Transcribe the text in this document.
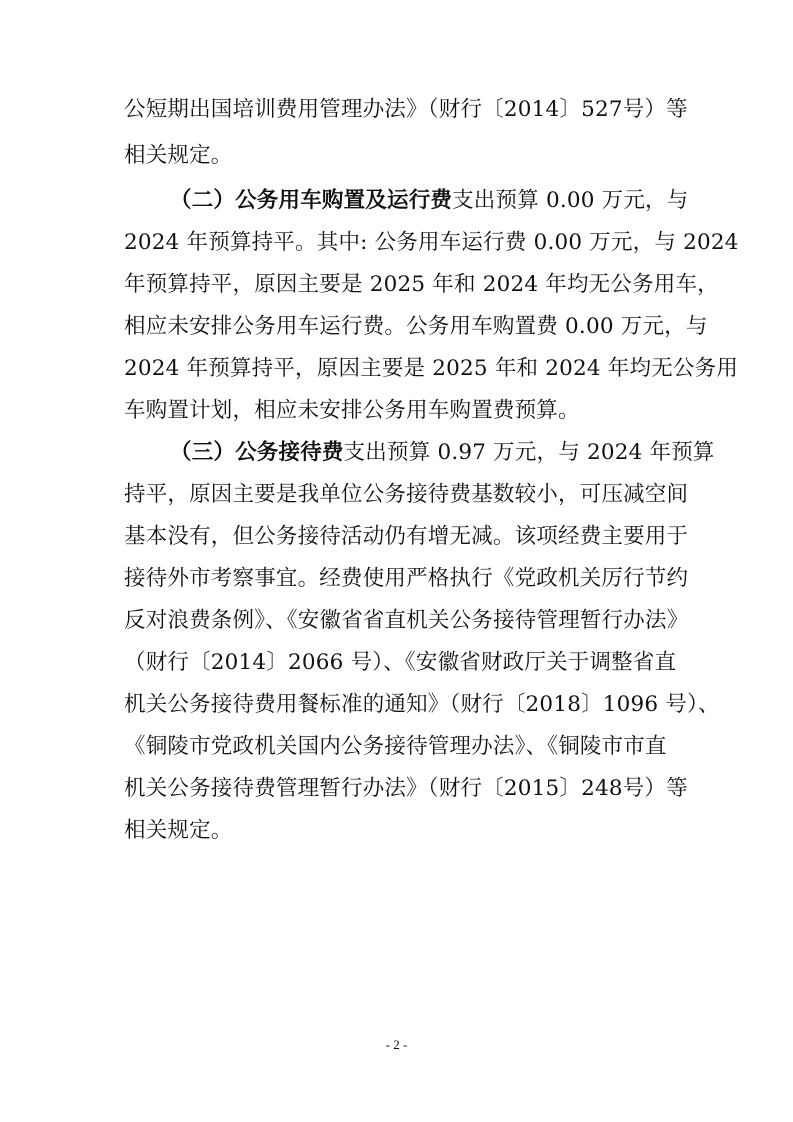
公短期出国培训费用管理办法》（财行〔2014〕527号）等
相关规定。
（二）公务用车购置及运行费支出预算 0.00 万元，与
2024 年预算持平。其中: 公务用车运行费 0.00 万元，与 2024
年预算持平，原因主要是 2025 年和 2024 年均无公务用车，
相应未安排公务用车运行费。公务用车购置费 0.00 万元，与
2024 年预算持平，原因主要是 2025 年和 2024 年均无公务用
车购置计划，相应未安排公务用车购置费预算。
（三）公务接待费支出预算 0.97 万元，与 2024 年预算
持平，原因主要是我单位公务接待费基数较小，可压减空间
基本没有，但公务接待活动仍有增无减。该项经费主要用于
接待外市考察事宜。经费使用严格执行《党政机关厉行节约
反对浪费条例》、《安徽省省直机关公务接待管理暂行办法》
（财行〔2014〕2066 号）、《安徽省财政厅关于调整省直
机关公务接待费用餐标准的通知》（财行〔2018〕1096 号）、
《铜陵市党政机关国内公务接待管理办法》、《铜陵市市直
机关公务接待费管理暂行办法》（财行〔2015〕248号）等
相关规定。
- 2 -
